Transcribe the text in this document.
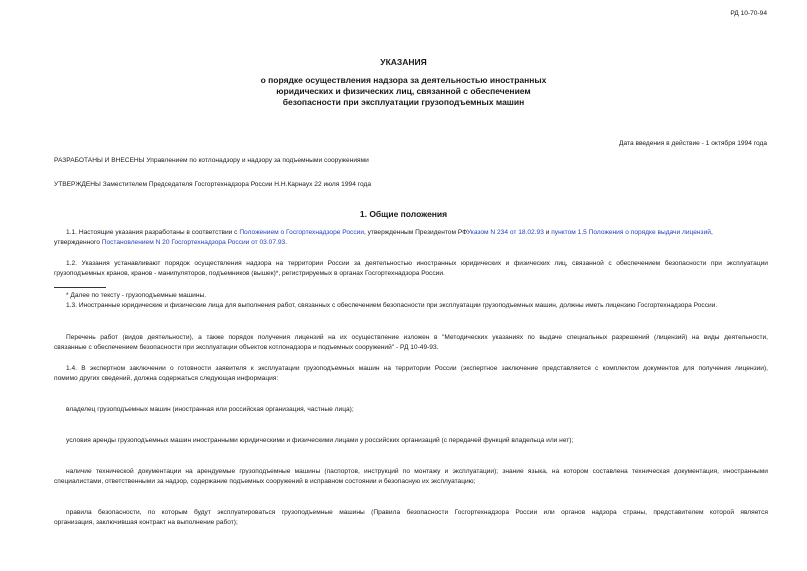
РД 10-70-94
УКАЗАНИЯ
о порядке осуществления надзора за деятельностью иностранных
юридических и физических лиц, связанной с обеспечением
безопасности при эксплуатации грузоподъемных машин
Дата введения в действие - 1 октября 1994 года
РАЗРАБОТАНЫ И ВНЕСЕНЫ Управлением по котлонадзору и надзору за подъемными сооружениями
УТВЕРЖДЕНЫ Заместителем Председателя Госгортехнадзора России Н.Н.Карнаух 22 июля 1994 года
1. Общие положения
1.1. Настоящие указания разработаны в соответствии с Положением о Госгортехнадзоре России, утвержденным Президентом РФУказом N 234 от 18.02.93 и пунктом 1.5 Положения о порядке выдачи лицензий,
утвержденного Постановлением N 20 Госгортехнадзора России от 03.07.93.
1.2. Указания устанавливают порядок осуществления надзора на территории России за деятельностью иностранных юридических и физических лиц, связанной с обеспечением безопасности при эксплуатации
грузоподъемных кранов, кранов - манипуляторов, подъемников (вышек)*, регистрируемых в органах Госгортехнадзора России.
* Далее по тексту - грузоподъемные машины.
1.3. Иностранные юридические и физические лица для выполнения работ, связанных с обеспечением безопасности при эксплуатации грузоподъемных машин, должны иметь лицензию Госгортехнадзора России.
Перечень работ (видов деятельности), а также порядок получения лицензий на их осуществление изложен в "Методических указаниях по выдаче специальных разрешений (лицензий) на виды деятельности,
связанные с обеспечением безопасности при эксплуатации объектов котлонадзора и подъемных сооружений" - РД 10-49-93.
1.4. В экспертном заключении о готовности заявителя к эксплуатации грузоподъемных машин на территории России (экспертное заключение представляется с комплектом документов для получения лицензии),
помимо других сведений, должна содержаться следующая информация:
владелец грузоподъемных машин (иностранная или российская организация, частные лица);
условия аренды грузоподъемных машин иностранными юридическими и физическими лицами у российских организаций (с передачей функций владельца или нет);
наличие технической документации на арендуемые грузоподъемные машины (паспортов, инструкций по монтажу и эксплуатации); знание языка, на котором составлена техническая документация, иностранными
специалистами, ответственными за надзор, содержание подъемных сооружений в исправном состоянии и безопасную их эксплуатацию;
правила безопасности, по которым будут эксплуатироваться грузоподъемные машины (Правила безопасности Госгортехнадзора России или органов надзора страны, представителем которой является
организация, заключившая контракт на выполнение работ);
